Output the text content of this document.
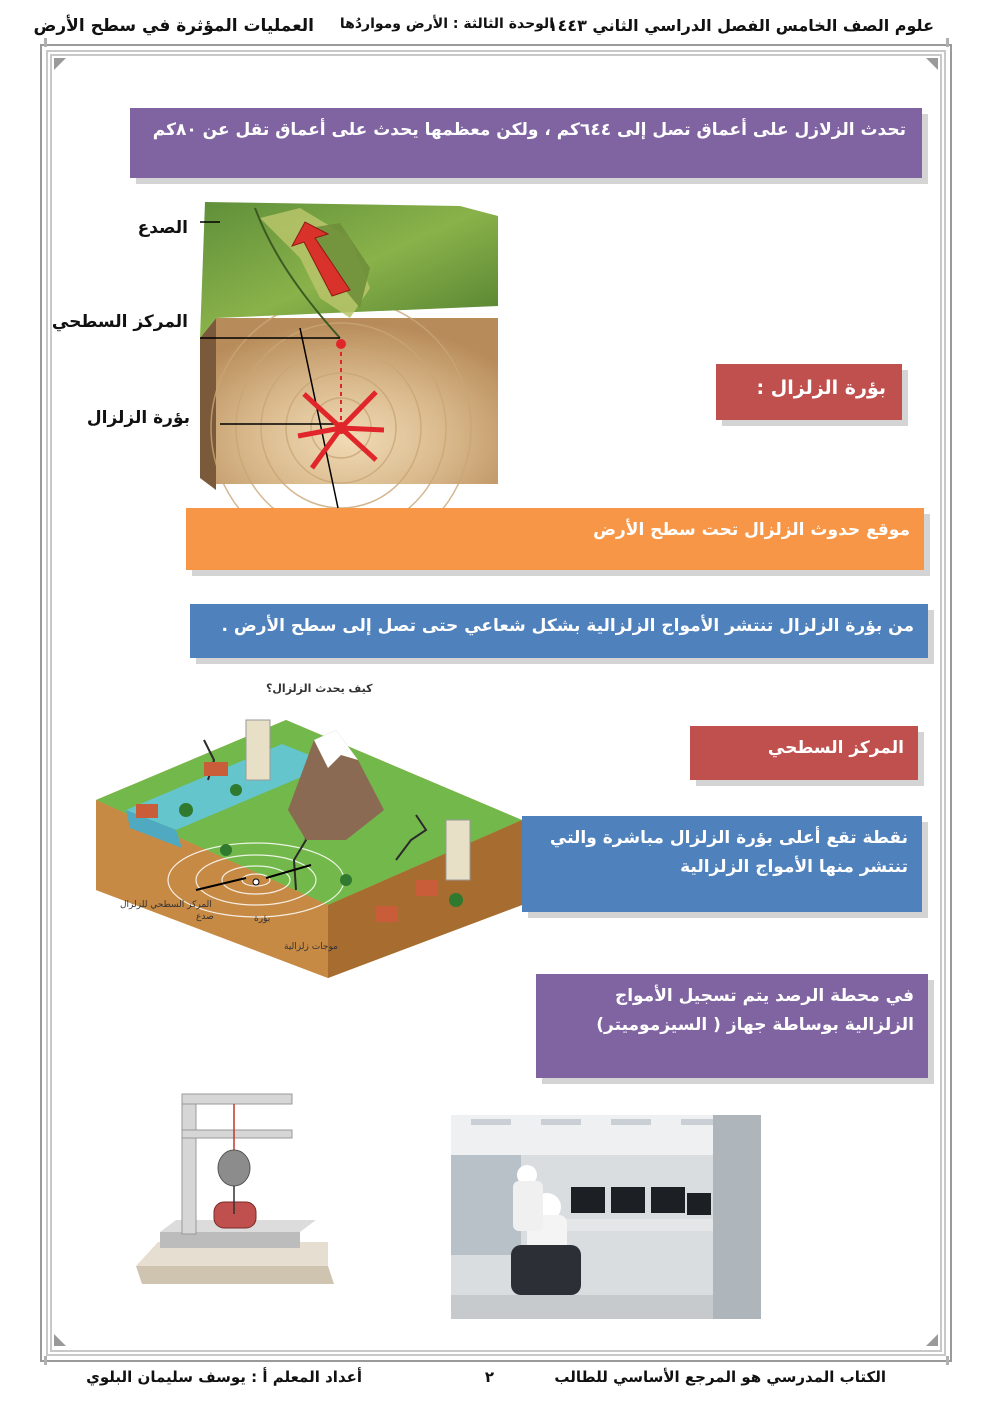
علوم الصف الخامس الفصل الدراسي الثاني ١٤٤٣
الوحدة الثالثة : الأرض ومواردُها
العمليات المؤثرة في سطح الأرض
تحدث الزلازل على أعماق تصل إلى ٦٤٤كم ، ولكن معظمها يحدث على أعماق تقل عن ٨٠كم
الصدع
المركز السطحي
بؤرة الزلزال
بؤرة الزلزال :
موقع حدوث الزلزال تحت سطح الأرض
من بؤرة الزلزال تنتشر الأمواج الزلزالية بشكل شعاعي حتى تصل إلى سطح الأرض .
كيف يحدث الزلزال؟
المركز السطحي للزلزال
صدع	بؤرة
موجات زلزالية
المركز السطحي
نقطة تقع أعلى بؤرة الزلزال مباشرة والتي تنتشر منها الأمواج الزلزالية
في محطة الرصد يتم تسجيل الأمواج الزلزالية بوساطة جهاز ( السيزموميتر)
الكتاب المدرسي هو المرجع الأساسي للطالب
٢
أعداد المعلم أ : يوسف سليمان البلوي
